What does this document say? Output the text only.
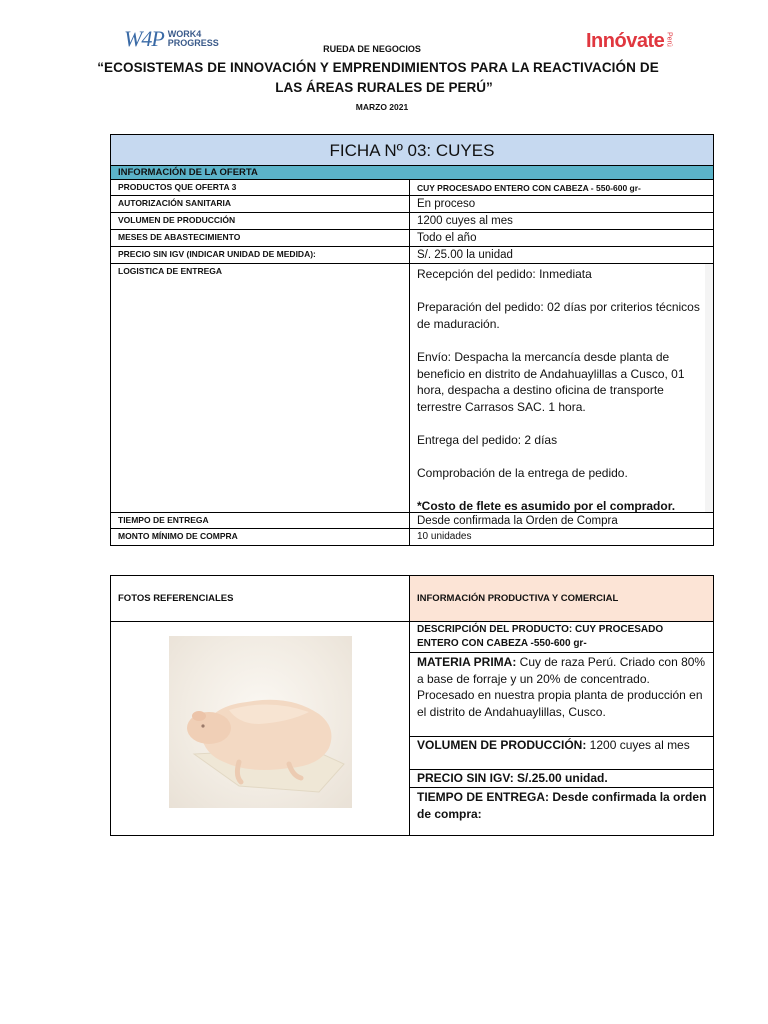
W4P WORK4
PROGRESS	Innóvate Perú
RUEDA DE NEGOCIOS
“ECOSISTEMAS DE INNOVACIÓN Y EMPRENDIMIENTOS PARA LA REACTIVACIÓN DE
LAS ÁREAS RURALES DE PERÚ”
MARZO 2021
FICHA Nº 03: CUYES
INFORMACIÓN DE LA OFERTA
PRODUCTOS QUE OFERTA 3	CUY PROCESADO ENTERO CON CABEZA - 550-600 gr-
AUTORIZACIÓN SANITARIA	En proceso
VOLUMEN DE PRODUCCIÓN	1200 cuyes al mes
MESES DE ABASTECIMIENTO	Todo el año
PRECIO SIN IGV (INDICAR UNIDAD DE MEDIDA):	S/. 25.00 la unidad
LOGISTICA DE ENTREGA	Recepción del pedido: Inmediata

Preparación del pedido: 02 días por criterios técnicos de maduración.

Envío: Despacha la mercancía desde planta de beneficio en distrito de Andahuaylillas a Cusco, 01 hora, despacha a destino oficina de transporte terrestre Carrasos SAC. 1 hora.

Entrega del pedido: 2 días

Comprobación de la entrega de pedido.

*Costo de flete es asumido por el comprador.

TIEMPO DE ENTREGA	Desde confirmada la Orden de Compra
MONTO MÍNIMO DE COMPRA	10 unidades
FOTOS REFERENCIALES	INFORMACIÓN PRODUCTIVA Y COMERCIAL
DESCRIPCIÓN DEL PRODUCTO: CUY PROCESADO ENTERO CON CABEZA -550-600 gr-
MATERIA PRIMA: Cuy de raza Perú. Criado con 80% a base de forraje y un 20% de concentrado. Procesado en nuestra propia planta de producción en el distrito de Andahuaylillas, Cusco.
VOLUMEN DE PRODUCCIÓN: 1200 cuyes al mes
PRECIO SIN IGV: S/.25.00 unidad.
TIEMPO DE ENTREGA: Desde confirmada la orden de compra:
